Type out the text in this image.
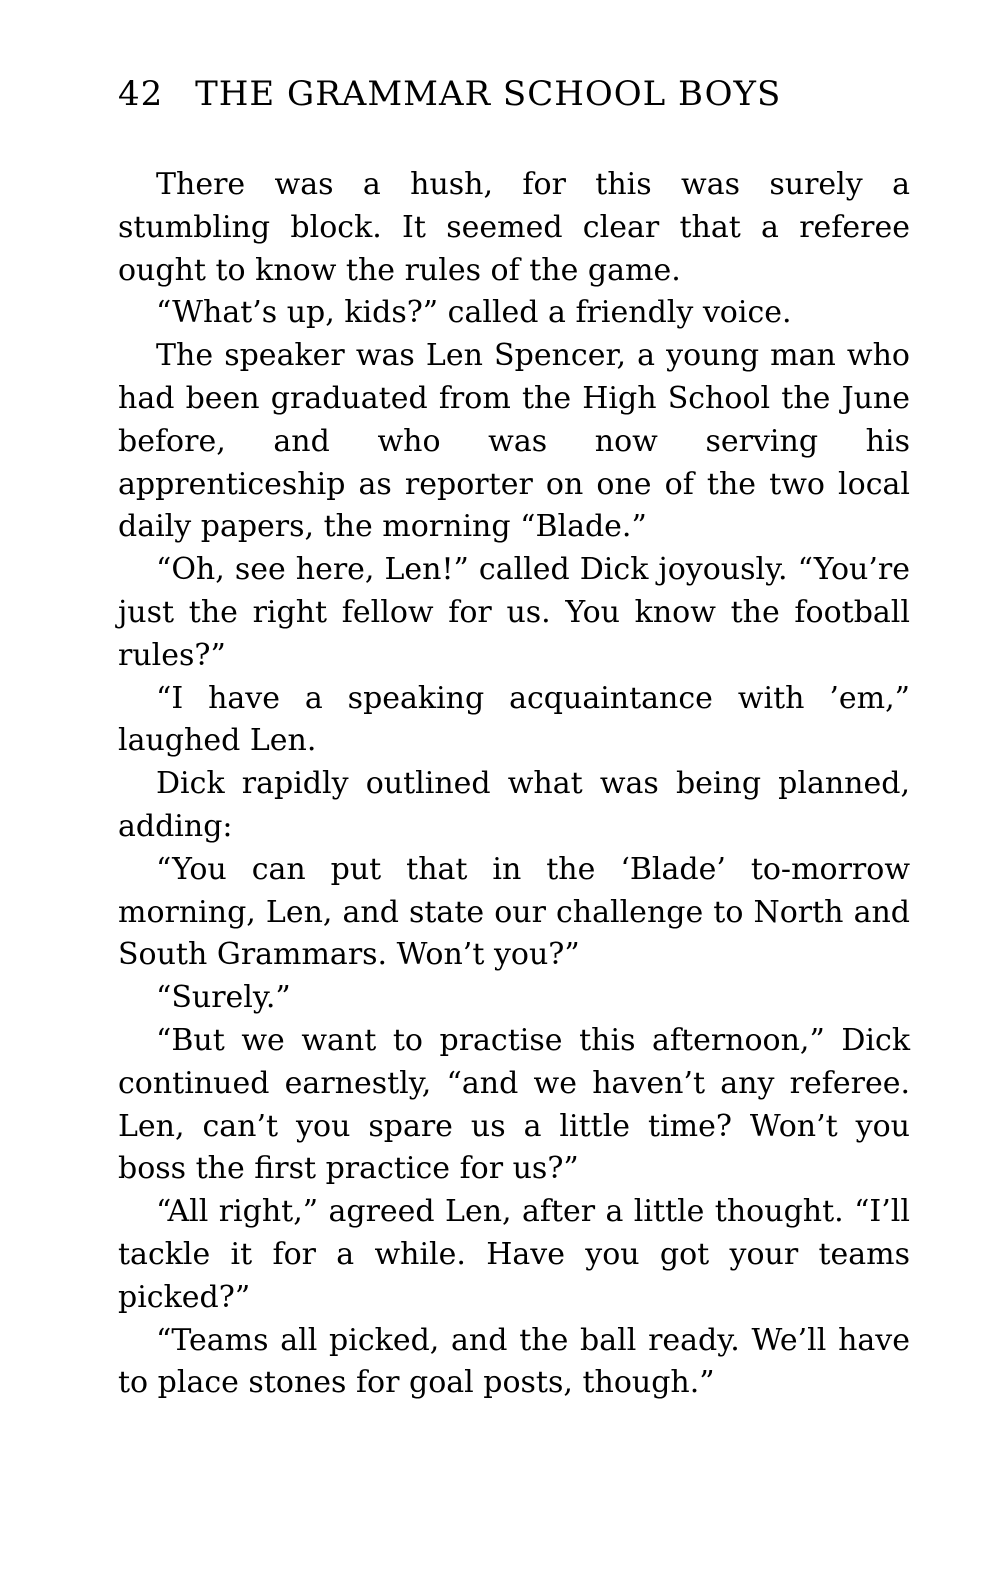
42 THE GRAMMAR SCHOOL BOYS

There was a hush, for this was surely a stumbling block. It seemed clear that a referee ought to know the rules of the game.

“What’s up, kids?” called a friendly voice.

The speaker was Len Spencer, a young man who had been graduated from the High School the June before, and who was now serving his apprenticeship as reporter on one of the two local daily papers, the morning “Blade.”

“Oh, see here, Len!” called Dick joyously. “You’re just the right fellow for us. You know the football rules?”

“I have a speaking acquaintance with ’em,” laughed Len.

Dick rapidly outlined what was being planned, adding:

“You can put that in the ‘Blade’ to-morrow morning, Len, and state our challenge to North and South Grammars. Won’t you?”

“Surely.”

“But we want to practise this afternoon,” Dick continued earnestly, “and we haven’t any referee. Len, can’t you spare us a little time? Won’t you boss the first practice for us?”

“All right,” agreed Len, after a little thought. “I’ll tackle it for a while. Have you got your teams picked?”

“Teams all picked, and the ball ready. We’ll have to place stones for goal posts, though.”
